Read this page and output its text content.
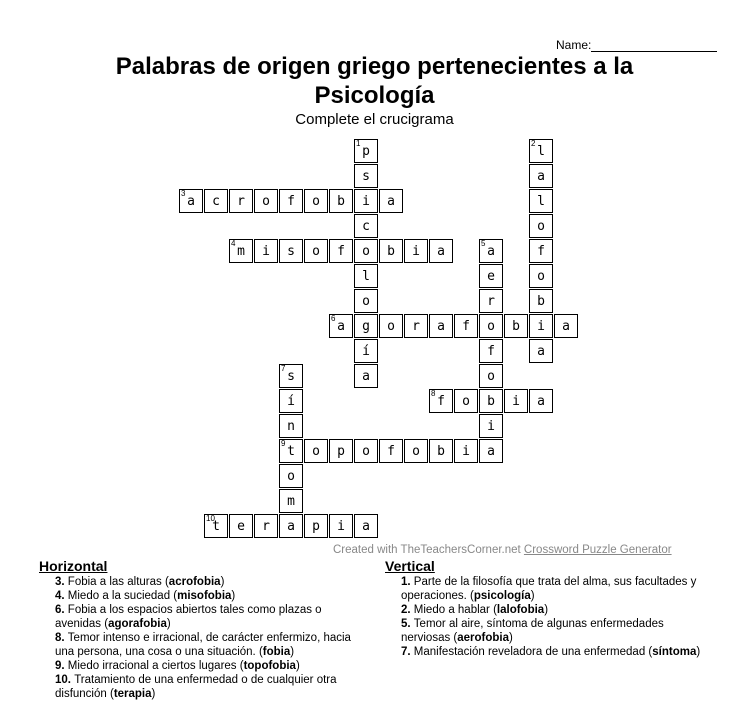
Name:
Palabras de origen griego pertenecientes a la
Psicología
Complete el crucigrama
p
1
s
i
c
o
l
o
g
í
a
l
2
a
l
o
f
o
b
i
a
a
3 c r o f o b	a
m
4 i s o f	b i a	a
5
e
r
o
f
o
b
i
a
a
6	o r a f	b	a
s
7
í
n
t
9
o
m
a
f
8 o	i a
o p o f o b i
t
10 e r	p i a
Created with TheTeachersCorner.net Crossword Puzzle Generator
Horizontal
3. Fobia a las alturas (acrofobia)
4. Miedo a la suciedad (misofobia)
6. Fobia a los espacios abiertos tales como plazas o avenidas (agorafobia)
8. Temor intenso e irracional, de carácter enfermizo, hacia una persona, una cosa o una situación. (fobia)
9. Miedo irracional a ciertos lugares (topofobia)
10. Tratamiento de una enfermedad o de cualquier otra disfunción (terapia)
Vertical
1. Parte de la filosofía que trata del alma, sus facultades y operaciones. (psicología)
2. Miedo a hablar (lalofobia)
5. Temor al aire, síntoma de algunas enfermedades nerviosas (aerofobia)
7. Manifestación reveladora de una enfermedad (síntoma)
